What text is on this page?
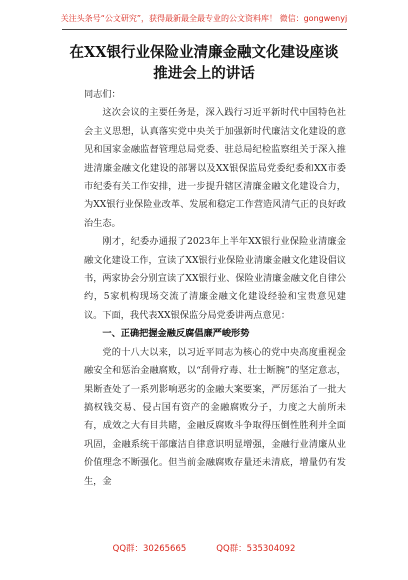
关注头条号“公文研究”，获得最新最全最专业的公文资料库！ 微信：gongwenyj
在XX银行业保险业清廉金融文化建设座谈
推进会上的讲话

同志们：

这次会议的主要任务是，深入践行习近平新时代中国特色社会主义思想，认真落实党中央关于加强新时代廉洁文化建设的意见和国家金融监督管理总局党委、驻总局纪检监察组关于深入推进清廉金融文化建设的部署以及XX银保监局党委纪委和XX市委市纪委有关工作安排，进一步提升辖区清廉金融文化建设合力，为XX银行业保险业改革、发展和稳定工作营造风清气正的良好政治生态。

刚才，纪委办通报了2023年上半年XX银行业保险业清廉金融文化建设工作，宣读了XX银行业保险业清廉金融文化建设倡议书，两家协会分别宣读了XX银行业、保险业清廉金融文化自律公约，5家机构现场交流了清廉金融文化建设经验和宝贵意见建议。下面，我代表XX银保监分局党委讲两点意见：

一、正确把握金融反腐倡廉严峻形势

党的十八大以来，以习近平同志为核心的党中央高度重视金融安全和惩治金融腐败，以“刮骨疗毒、壮士断腕”的坚定意志，果断查处了一系列影响恶劣的金融大案要案，严厉惩治了一批大搞权钱交易、侵占国有资产的金融腐败分子，力度之大前所未有，成效之大有目共睹，金融反腐败斗争取得压倒性胜利并全面巩固，金融系统干部廉洁自律意识明显增强，金融行业清廉从业价值理念不断强化。但当前金融腐败存量还未清底，增量仍有发生，金

QQ群：30265665	QQ群：535304092
